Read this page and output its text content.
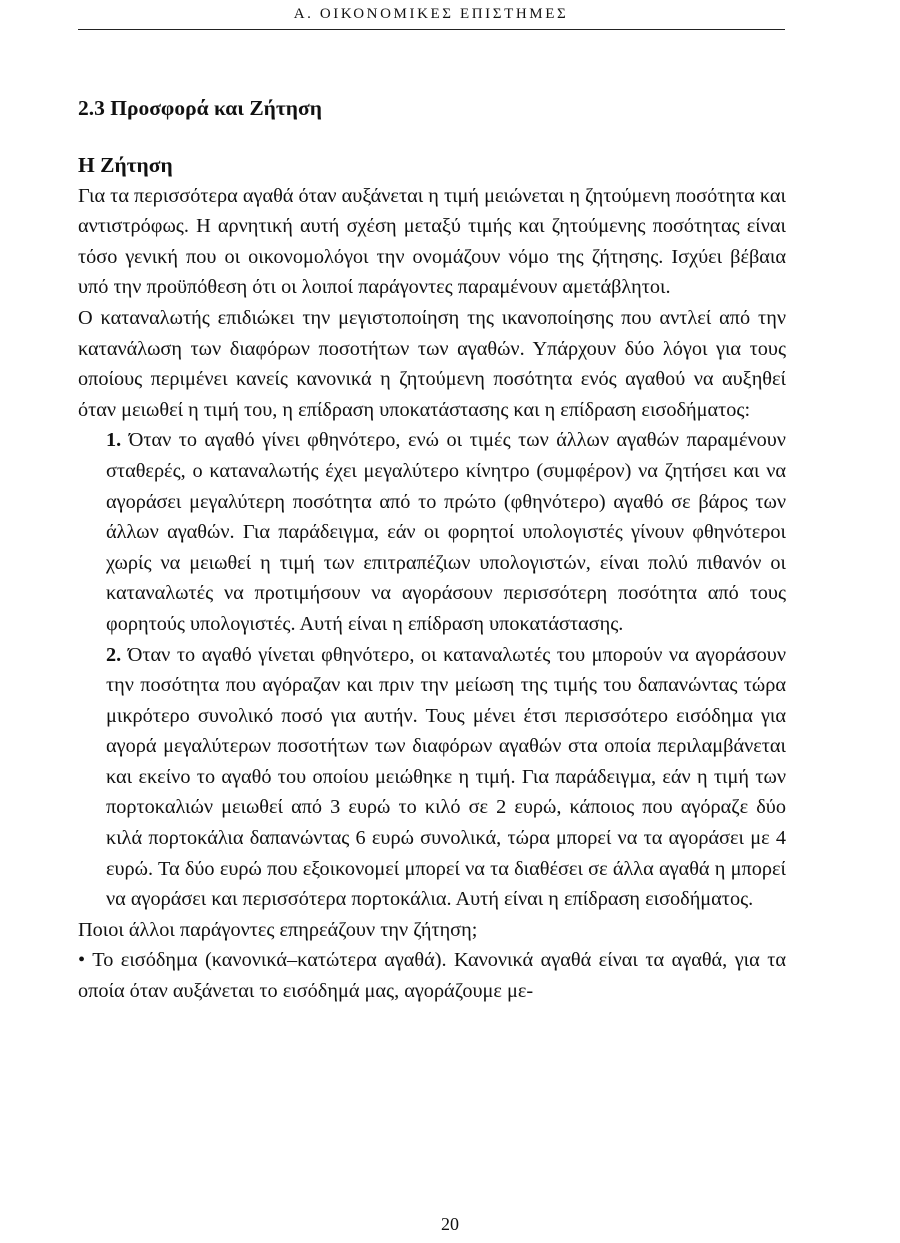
Α. ΟΙΚΟΝΟΜΙΚΕΣ ΕΠΙΣΤΗΜΕΣ
2.3 Προσφορά και Ζήτηση
Η Ζήτηση

Για τα περισσότερα αγαθά όταν αυξάνεται η τιμή μειώνεται η ζητούμενη ποσότητα και αντιστρόφως. Η αρνητική αυτή σχέση μεταξύ τιμής και ζητούμενης ποσότητας είναι τόσο γενική που οι οικονομολόγοι την ονομάζουν νόμο της ζήτησης. Ισχύει βέβαια υπό την προϋπόθεση ότι οι λοιποί παράγοντες παραμένουν αμετάβλητοι.

Ο καταναλωτής επιδιώκει την μεγιστοποίηση της ικανοποίησης που αντλεί από την κατανάλωση των διαφόρων ποσοτήτων των αγαθών. Υπάρχουν δύο λόγοι για τους οποίους περιμένει κανείς κανονικά η ζητούμενη ποσότητα ενός αγαθού να αυξηθεί όταν μειωθεί η τιμή του, η επίδραση υποκατάστασης και η επίδραση εισοδήματος:

1. Όταν το αγαθό γίνει φθηνότερο, ενώ οι τιμές των άλλων αγαθών παραμένουν σταθερές, ο καταναλωτής έχει μεγαλύτερο κίνητρο (συμφέρον) να ζητήσει και να αγοράσει μεγαλύτερη ποσότητα από το πρώτο (φθηνότερο) αγαθό σε βάρος των άλλων αγαθών. Για παράδειγμα, εάν οι φορητοί υπολογιστές γίνουν φθηνότεροι χωρίς να μειωθεί η τιμή των επιτραπέζιων υπολογιστών, είναι πολύ πιθανόν οι καταναλωτές να προτιμήσουν να αγοράσουν περισσότερη ποσότητα από τους φορητούς υπολογιστές. Αυτή είναι η επίδραση υποκατάστασης.

2. Όταν το αγαθό γίνεται φθηνότερο, οι καταναλωτές του μπορούν να αγοράσουν την ποσότητα που αγόραζαν και πριν την μείωση της τιμής του δαπανώντας τώρα μικρότερο συνολικό ποσό για αυτήν. Τους μένει έτσι περισσότερο εισόδημα για αγορά μεγαλύτερων ποσοτήτων των διαφόρων αγαθών στα οποία περιλαμβάνεται και εκείνο το αγαθό του οποίου μειώθηκε η τιμή. Για παράδειγμα, εάν η τιμή των πορτοκαλιών μειωθεί από 3 ευρώ το κιλό σε 2 ευρώ, κάποιος που αγόραζε δύο κιλά πορτοκάλια δαπανώντας 6 ευρώ συνολικά, τώρα μπορεί να τα αγοράσει με 4 ευρώ. Τα δύο ευρώ που εξοικονομεί μπορεί να τα διαθέσει σε άλλα αγαθά η μπορεί να αγοράσει και περισσότερα πορτοκάλια. Αυτή είναι η επίδραση εισοδήματος.

Ποιοι άλλοι παράγοντες επηρεάζουν την ζήτηση;

• Το εισόδημα (κανονικά–κατώτερα αγαθά). Κανονικά αγαθά είναι τα αγαθά, για τα οποία όταν αυξάνεται το εισόδημά μας, αγοράζουμε με-

20
